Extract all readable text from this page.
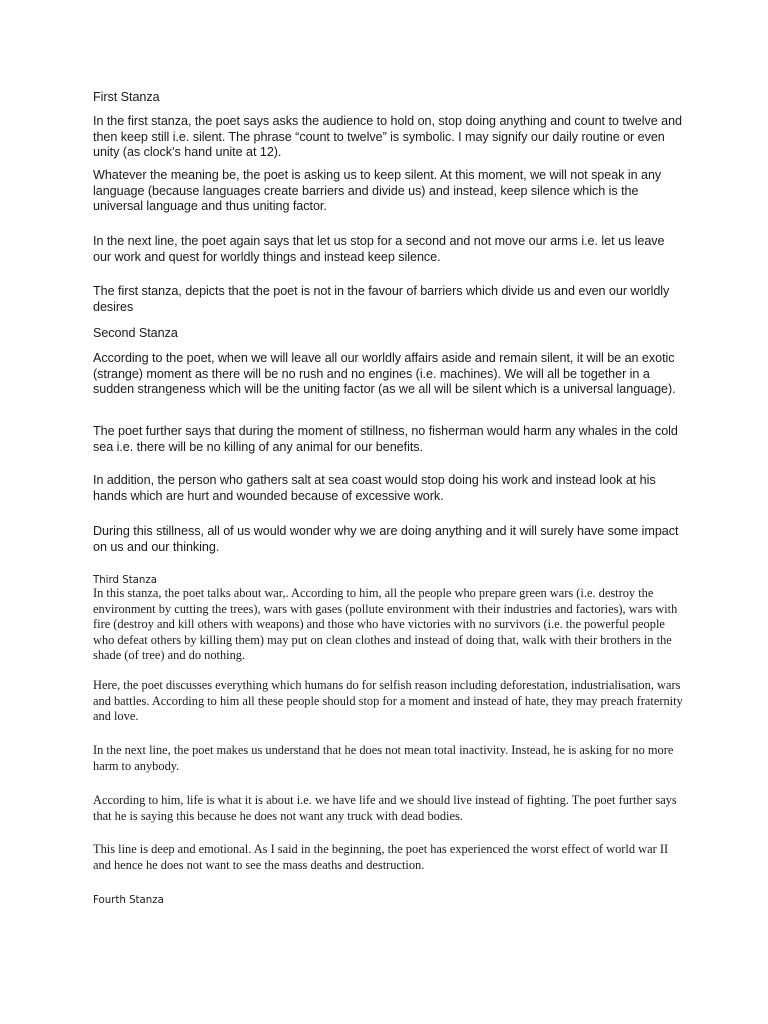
First Stanza

In the first stanza, the poet says asks the audience to hold on, stop doing anything and count to twelve and then keep still i.e. silent. The phrase “count to twelve” is symbolic. I may signify our daily routine or even unity (as clock’s hand unite at 12).

Whatever the meaning be, the poet is asking us to keep silent. At this moment, we will not speak in any language (because languages create barriers and divide us) and instead, keep silence which is the universal language and thus uniting factor.

In the next line, the poet again says that let us stop for a second and not move our arms i.e. let us leave our work and quest for worldly things and instead keep silence.

The first stanza, depicts that the poet is not in the favour of barriers which divide us and even our worldly desires

Second Stanza

According to the poet, when we will leave all our worldly affairs aside and remain silent, it will be an exotic (strange) moment as there will be no rush and no engines (i.e. machines). We will all be together in a sudden strangeness which will be the uniting factor (as we all will be silent which is a universal language).

The poet further says that during the moment of stillness, no fisherman would harm any whales in the cold sea i.e. there will be no killing of any animal for our benefits.

In addition, the person who gathers salt at sea coast would stop doing his work and instead look at his hands which are hurt and wounded because of excessive work.

During this stillness, all of us would wonder why we are doing anything and it will surely have some impact on us and our thinking.

Third Stanza

In this stanza, the poet talks about war,. According to him, all the people who prepare green wars (i.e. destroy the environment by cutting the trees), wars with gases (pollute environment with their industries and factories), wars with fire (destroy and kill others with weapons) and those who have victories with no survivors (i.e. the powerful people who defeat others by killing them) may put on clean clothes and instead of doing that, walk with their brothers in the shade (of tree) and do nothing.

Here, the poet discusses everything which humans do for selfish reason including deforestation, industrialisation, wars and battles. According to him all these people should stop for a moment and instead of hate, they may preach fraternity and love.

In the next line, the poet makes us understand that he does not mean total inactivity. Instead, he is asking for no more harm to anybody.

According to him, life is what it is about i.e. we have life and we should live instead of fighting. The poet further says that he is saying this because he does not want any truck with dead bodies.

This line is deep and emotional. As I said in the beginning, the poet has experienced the worst effect of world war II and hence he does not want to see the mass deaths and destruction.

Fourth Stanza
